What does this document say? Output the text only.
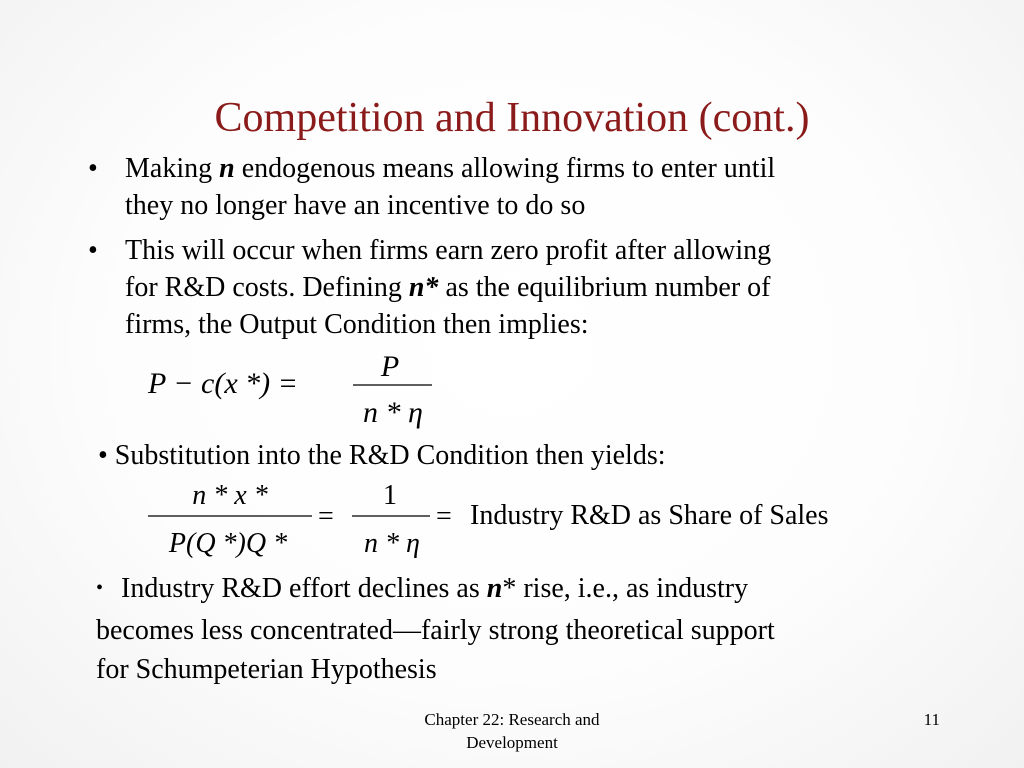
Competition and Innovation (cont.)
• Making n endogenous means allowing firms to enter until
they no longer have an incentive to do so
• This will occur when firms earn zero profit after allowing
for R&D costs. Defining n* as the equilibrium number of
firms, the Output Condition then implies:
P − c(x *) =
P
n * η
• Substitution into the R&D Condition then yields:
n * x *
P(Q *)Q *
=
1
n * η
= Industry R&D as Share of Sales
• Industry R&D effort declines as n* rise, i.e., as industry
becomes less concentrated—fairly strong theoretical support
for Schumpeterian Hypothesis
Chapter 22: Research and
Development
11
